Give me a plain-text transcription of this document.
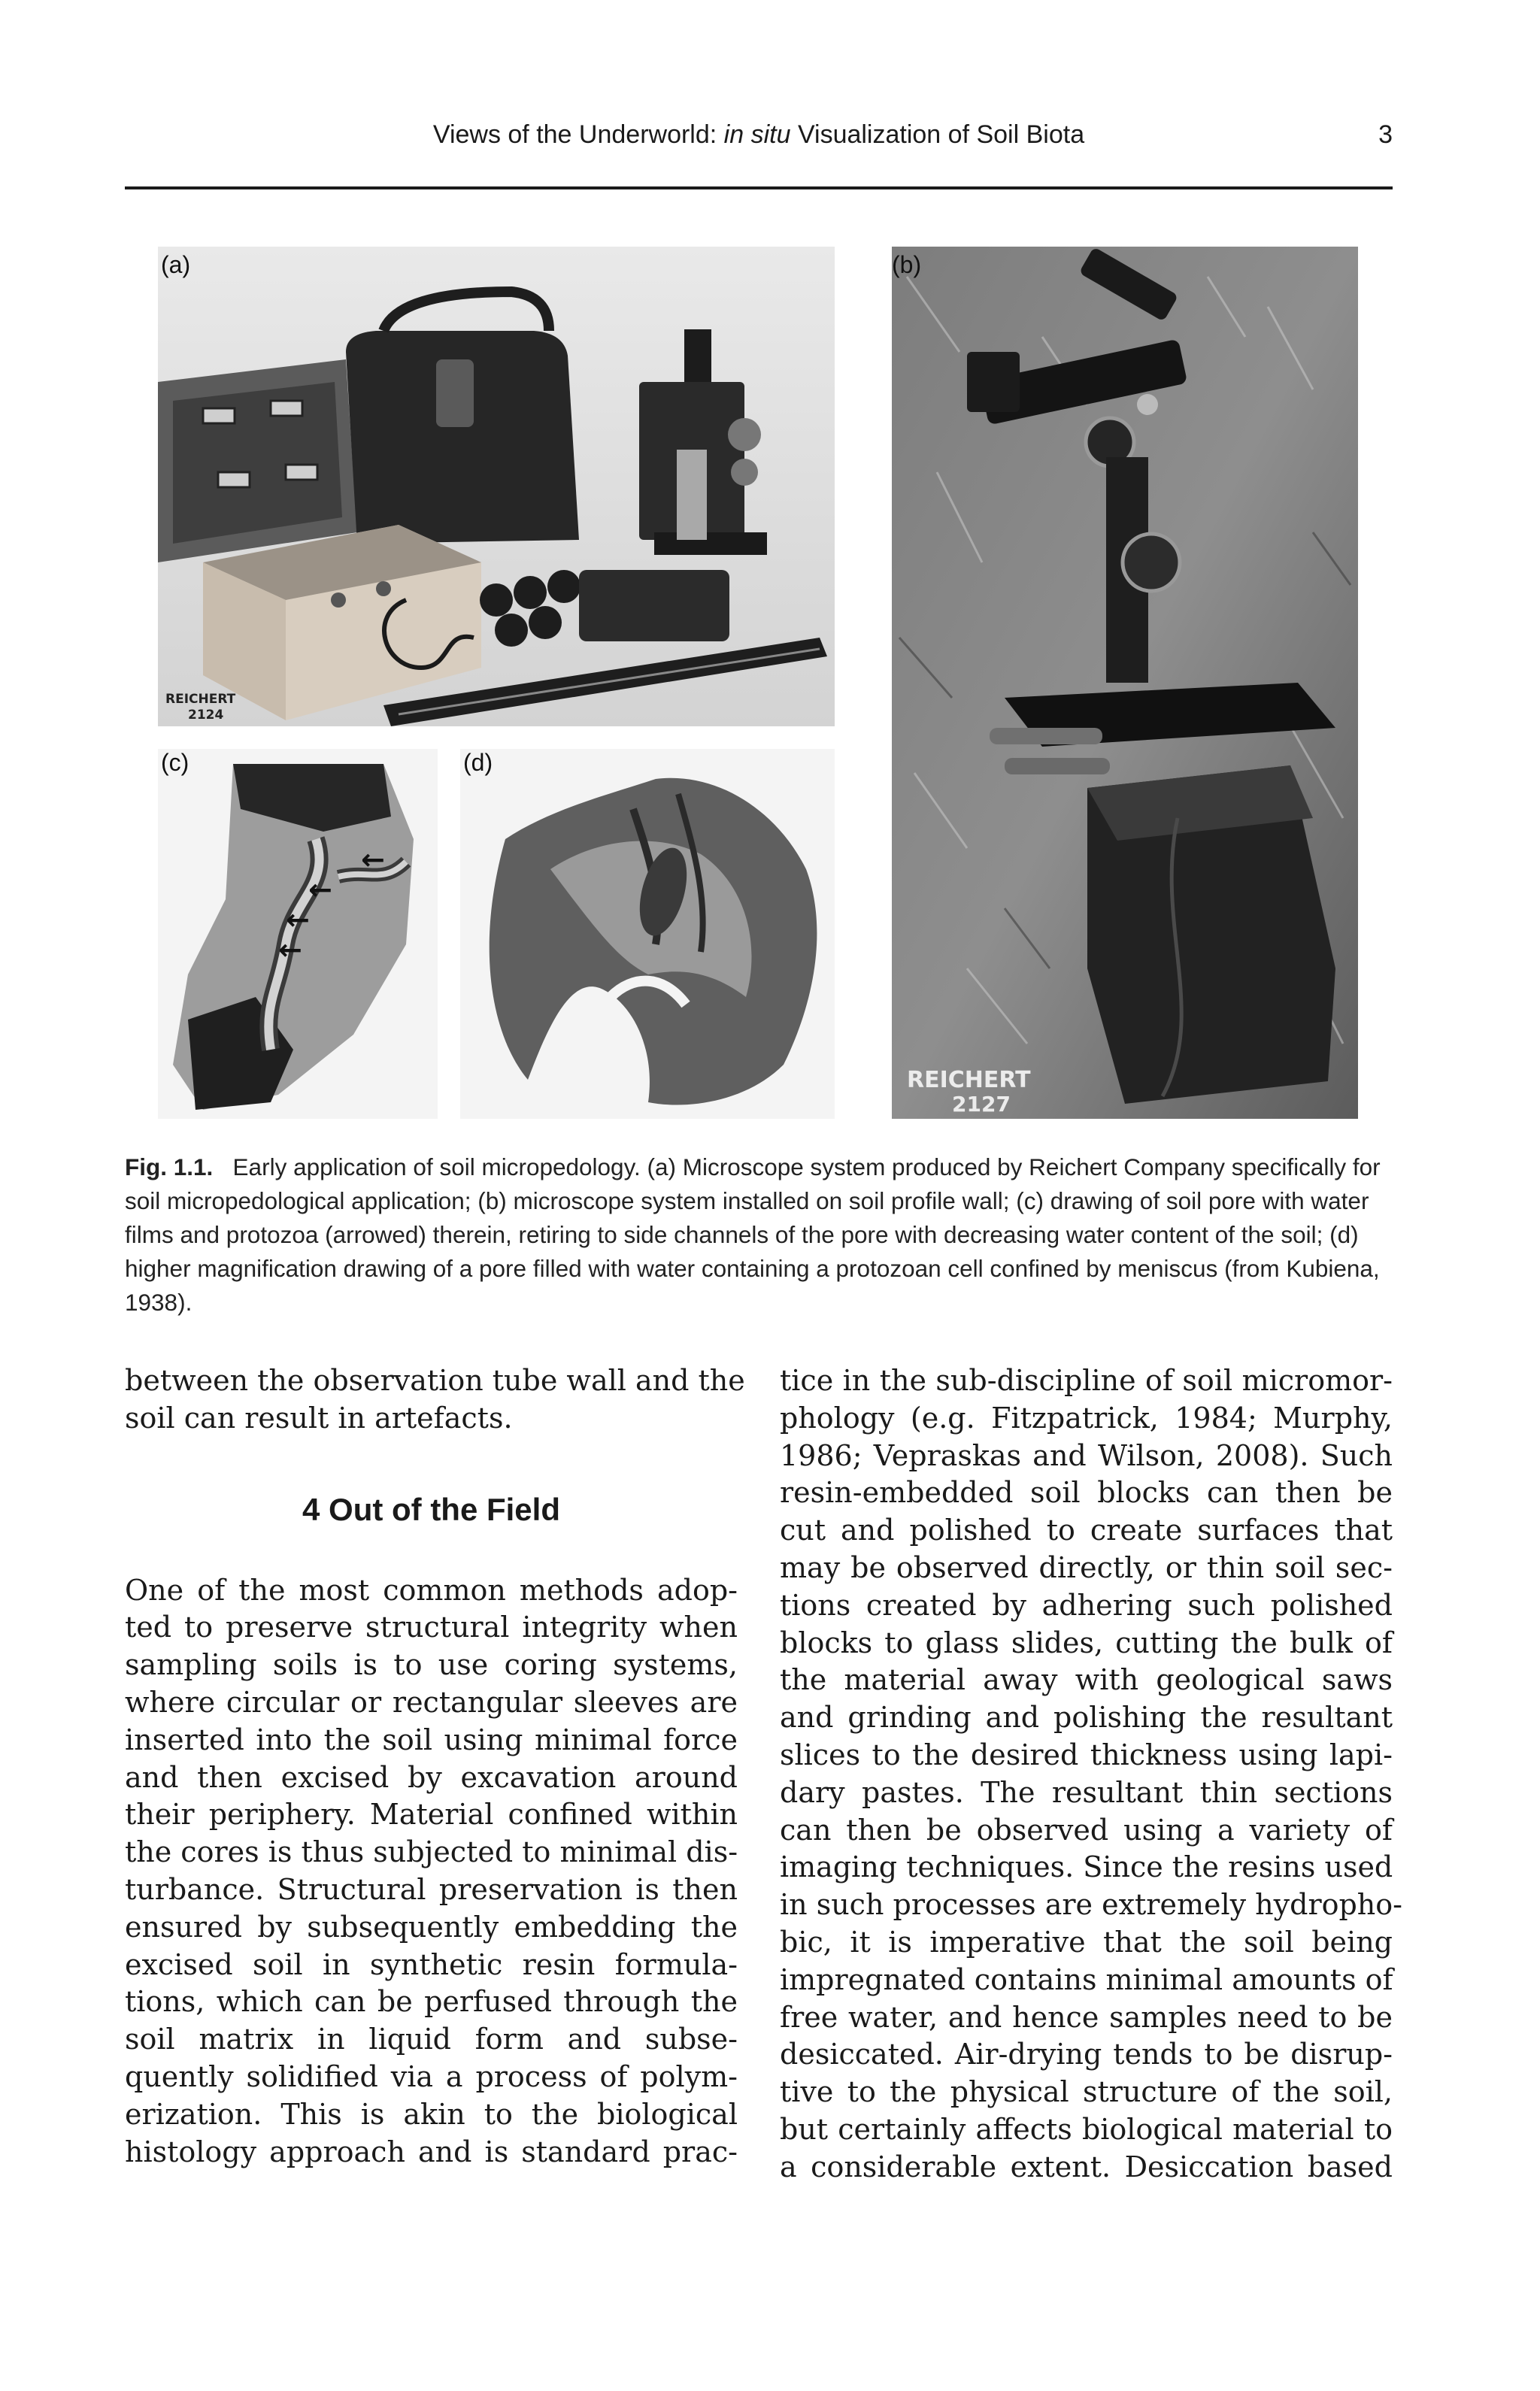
Views of the Underworld: in situ Visualization of Soil Biota	3
REICHERT
2124
(a)
REICHERT
2127
(b)
←
←
←
←
(c)	(d)
Fig. 1.1. Early application of soil micropedology. (a) Microscope system produced by Reichert Company specifically for soil micropedological application; (b) microscope system installed on soil profile wall; (c) drawing of soil pore with water films and protozoa (arrowed) therein, retiring to side channels of the pore with decreasing water content of the soil; (d) higher magnification drawing of a pore filled with water containing a protozoan cell confined by meniscus (from Kubiena, 1938).
between the observation tube wall and the
soil can result in artefacts.
4 Out of the Field
One of the most common methods adop-
ted to preserve structural integrity when
sampling soils is to use coring systems,
where circular or rectangular sleeves are
inserted into the soil using minimal force
and then excised by excavation around
their periphery. Material confined within
the cores is thus subjected to minimal dis-
turbance. Structural preservation is then
ensured by subsequently embedding the
excised soil in synthetic resin formula-
tions, which can be perfused through the
soil matrix in liquid form and subse-
quently solidified via a process of polym-
erization. This is akin to the biological
histology approach and is standard prac-
tice in the sub-discipline of soil micromor-
phology (e.g. Fitzpatrick, 1984; Murphy,
1986; Vepraskas and Wilson, 2008). Such
resin-embedded soil blocks can then be
cut and polished to create surfaces that
may be observed directly, or thin soil sec-
tions created by adhering such polished
blocks to glass slides, cutting the bulk of
the material away with geological saws
and grinding and polishing the resultant
slices to the desired thickness using lapi-
dary pastes. The resultant thin sections
can then be observed using a variety of
imaging techniques. Since the resins used
in such processes are extremely hydropho-
bic, it is imperative that the soil being
impregnated contains minimal amounts of
free water, and hence samples need to be
desiccated. Air-drying tends to be disrup-
tive to the physical structure of the soil,
but certainly affects biological material to
a considerable extent. Desiccation based
